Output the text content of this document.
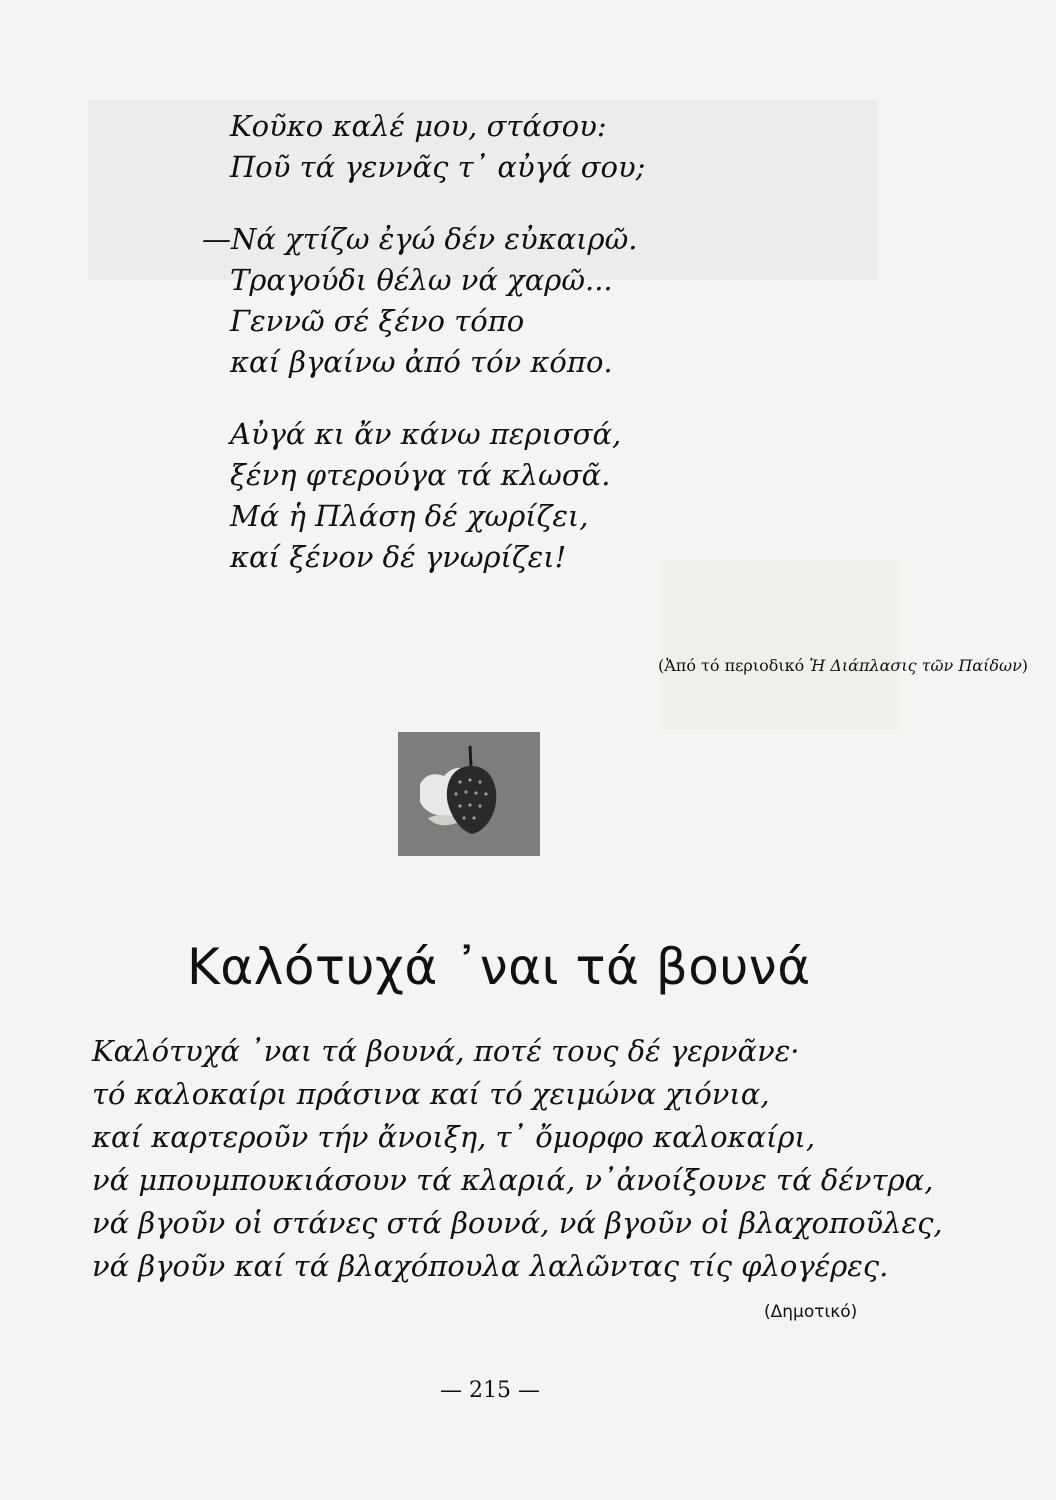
Κοῦκο καλέ μου, στάσου:
Ποῦ τά γεννᾶς τ᾽ αὐγά σου;
—Νά χτίζω ἐγώ δέν εὐκαιρῶ.
Τραγούδι θέλω νά χαρῶ...
Γεννῶ σέ ξένο τόπο
καί βγαίνω ἀπό τόν κόπο.
Αὐγά κι ἄν κάνω περισσά,
ξένη φτερούγα τά κλωσᾶ.
Μά ἡ Πλάση δέ χωρίζει,
καί ξένον δέ γνωρίζει!
(Ἀπό τό περιοδικό Ἡ Διάπλασις τῶν Παίδων)
Καλότυχά ᾽ναι τά βουνά
Καλότυχά ᾽ναι τά βουνά, ποτέ τους δέ γερνᾶνε·
τό καλοκαίρι πράσινα καί τό χειμώνα χιόνια,
καί καρτεροῦν τήν ἄνοιξη, τ᾽ ὄμορφο καλοκαίρι,
νά μπουμπουκιάσουν τά κλαριά, ν᾽ἀνοίξουνε τά δέντρα,
νά βγοῦν οἱ στάνες στά βουνά, νά βγοῦν οἱ βλαχοποῦλες,
νά βγοῦν καί τά βλαχόπουλα λαλῶντας τίς φλογέρες.
(Δημοτικό)
— 215 —
